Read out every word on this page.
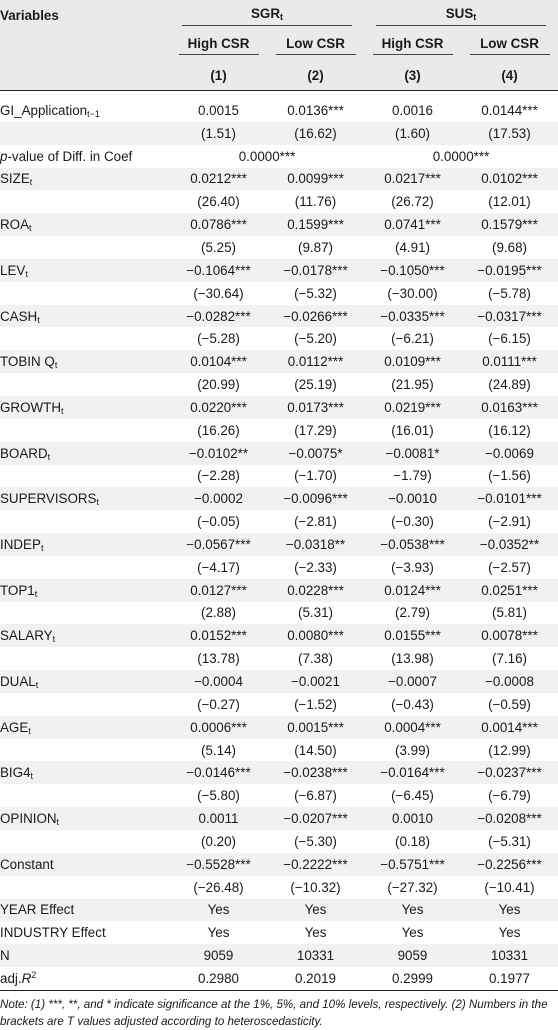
Variables	$SGR_t$		$SUS_t$
	High CSR	Low CSR	High CSR	Low CSR
	(1)	(2)	(3)	(4)

GI_Application$_{t-1}$	0.0015	0.0136***	0.0016	0.0144***
	(1.51)	(16.62)	(1.60)	(17.53)
p-value of Diff. in Coef	0.0000***		0.0000***	
$SIZE_t$	0.0212***	0.0099***	0.0217***	0.0102***
	(26.40)	(11.76)	(26.72)	(12.01)
$ROA_t$	0.0786***	0.1599***	0.0741***	0.1579***
	(5.25)	(9.87)	(4.91)	(9.68)
$LEV_t$	−0.1064***	−0.0178***	−0.1050***	−0.0195***
	(−30.64)	(−5.32)	(−30.00)	(−5.78)
$CASH_t$	−0.0282***	−0.0266***	−0.0335***	−0.0317***
	(−5.28)	(−5.20)	(−6.21)	(−6.15)
TOBIN $Q_t$	0.0104***	0.0112***	0.0109***	0.0111***
	(20.99)	(25.19)	(21.95)	(24.89)
$GROWTH_t$	0.0220***	0.0173***	0.0219***	0.0163***
	(16.26)	(17.29)	(16.01)	(16.12)
$BOARD_t$	−0.0102**	−0.0075*	−0.0081*	−0.0069
	(−2.28)	(−1.70)	−1.79)	(−1.56)
$SUPERVISORS_t$	−0.0002	−0.0096***	−0.0010	−0.0101***
	(−0.05)	(−2.81)	(−0.30)	(−2.91)
$INDEP_t$	−0.0567***	−0.0318**	−0.0538***	−0.0352**
	(−4.17)	(−2.33)	(−3.93)	(−2.57)
$TOP1_t$	0.0127***	0.0228***	0.0124***	0.0251***
	(2.88)	(5.31)	(2.79)	(5.81)
$SALARY_t$	0.0152***	0.0080***	0.0155***	0.0078***
	(13.78)	(7.38)	(13.98)	(7.16)
$DUAL_t$	−0.0004	−0.0021	−0.0007	−0.0008
	(−0.27)	(−1.52)	(−0.43)	(−0.59)
$AGE_t$	0.0006***	0.0015***	0.0004***	0.0014***
	(5.14)	(14.50)	(3.99)	(12.99)
$BIG4_t$	−0.0146***	−0.0238***	−0.0164***	−0.0237***
	(−5.80)	(−6.87)	(−6.45)	(−6.79)
$OPINION_t$	0.0011	−0.0207***	0.0010	−0.0208***
	(0.20)	(−5.30)	(0.18)	(−5.31)
Constant	−0.5528***	−0.2222***	−0.5751***	−0.2256***
	(−26.48)	(−10.32)	(−27.32)	(−10.41)
YEAR Effect	Yes	Yes	Yes	Yes
INDUSTRY Effect	Yes	Yes	Yes	Yes
N	9059	10331	9059	10331
$adj.R^2$	0.2980	0.2019	0.2999	0.1977
Note: (1) ***, **, and * indicate significance at the 1%, 5%, and 10% levels, respectively. (2) Numbers in the brackets are T values adjusted according to heteroscedasticity.
